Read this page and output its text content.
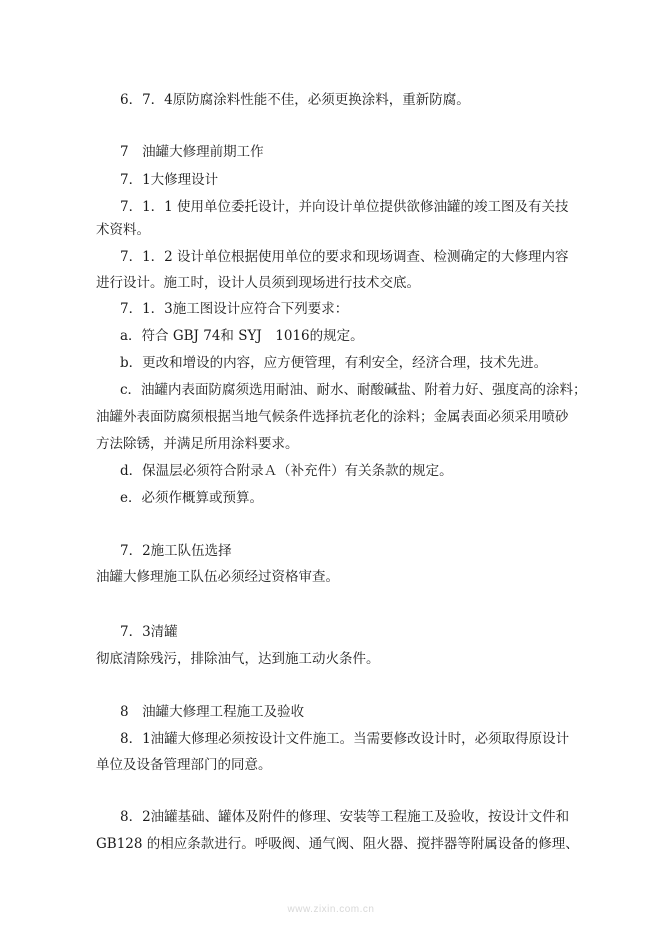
6．7．4原防腐涂料性能不佳，必须更换涂料，重新防腐。
7　油罐大修理前期工作
7．1大修理设计
7．1．1 使用单位委托设计，并向设计单位提供欲修油罐的竣工图及有关技
术资料。
7．1．2 设计单位根据使用单位的要求和现场调查、检测确定的大修理内容
进行设计。施工时，设计人员须到现场进行技术交底。
7．1．3施工图设计应符合下列要求：
a．符合 GBJ 74和 SYJ　1016的规定。
b．更改和增设的内容，应方便管理，有利安全，经济合理，技术先进。
c．油罐内表面防腐须选用耐油、耐水、耐酸碱盐、附着力好、强度高的涂料；
油罐外表面防腐须根据当地气候条件选择抗老化的涂料；金属表面必须采用喷砂
方法除锈，并满足所用涂料要求。
d．保温层必须符合附录Ａ（补充件）有关条款的规定。
e．必须作概算或预算。
7．2施工队伍选择
油罐大修理施工队伍必须经过资格审查。
7．3清罐
彻底清除残污，排除油气，达到施工动火条件。
8　油罐大修理工程施工及验收
8．1油罐大修理必须按设计文件施工。当需要修改设计时，必须取得原设计
单位及设备管理部门的同意。
8．2油罐基础、罐体及附件的修理、安装等工程施工及验收，按设计文件和
GB128 的相应条款进行。呼吸阀、通气阀、阻火器、搅拌器等附属设备的修理、
www.zixin.com.cn
